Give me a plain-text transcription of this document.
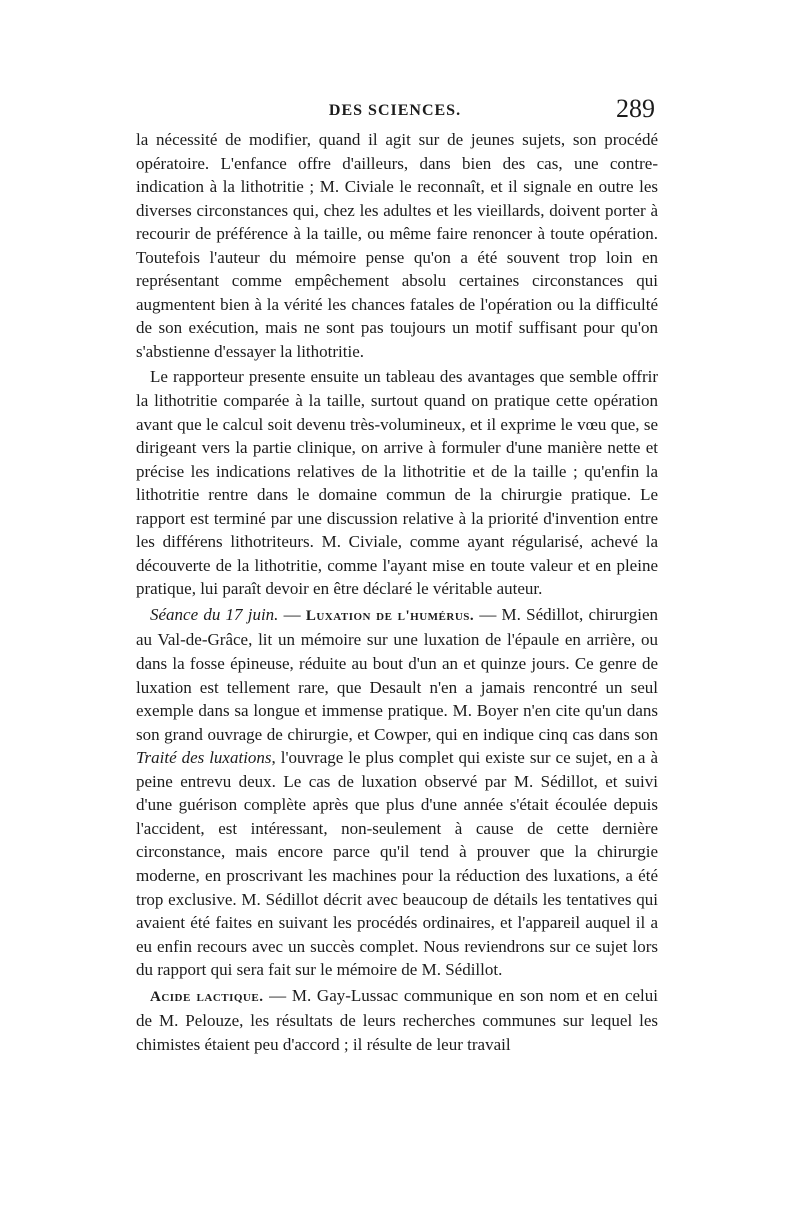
DES SCIENCES.	289

la nécessité de modifier, quand il agit sur de jeunes sujets, son procédé opératoire. L'enfance offre d'ailleurs, dans bien des cas, une contre-indication à la lithotritie ; M. Civiale le reconnaît, et il signale en outre les diverses circonstances qui, chez les adultes et les vieillards, doivent porter à recourir de préférence à la taille, ou même faire renoncer à toute opération. Toutefois l'auteur du mémoire pense qu'on a été souvent trop loin en représentant comme empêchement absolu certaines circonstances qui augmentent bien à la vérité les chances fatales de l'opération ou la difficulté de son exécution, mais ne sont pas toujours un motif suffisant pour qu'on s'abstienne d'essayer la lithotritie.

Le rapporteur presente ensuite un tableau des avantages que semble offrir la lithotritie comparée à la taille, surtout quand on pratique cette opération avant que le calcul soit devenu très-volumineux, et il exprime le vœu que, se dirigeant vers la partie clinique, on arrive à formuler d'une manière nette et précise les indications relatives de la lithotritie et de la taille ; qu'enfin la lithotritie rentre dans le domaine commun de la chirurgie pratique. Le rapport est terminé par une discussion relative à la priorité d'invention entre les différens lithotriteurs. M. Civiale, comme ayant régularisé, achevé la découverte de la lithotritie, comme l'ayant mise en toute valeur et en pleine pratique, lui paraît devoir en être déclaré le véritable auteur.

Séance du 17 juin. — Luxation de l'humérus. — M. Sédillot, chirurgien au Val-de-Grâce, lit un mémoire sur une luxation de l'épaule en arrière, ou dans la fosse épineuse, réduite au bout d'un an et quinze jours. Ce genre de luxation est tellement rare, que Desault n'en a jamais rencontré un seul exemple dans sa longue et immense pratique. M. Boyer n'en cite qu'un dans son grand ouvrage de chirurgie, et Cowper, qui en indique cinq cas dans son Traité des luxations, l'ouvrage le plus complet qui existe sur ce sujet, en a à peine entrevu deux. Le cas de luxation observé par M. Sédillot, et suivi d'une guérison complète après que plus d'une année s'était écoulée depuis l'accident, est intéressant, non-seulement à cause de cette dernière circonstance, mais encore parce qu'il tend à prouver que la chirurgie moderne, en proscrivant les machines pour la réduction des luxations, a été trop exclusive. M. Sédillot décrit avec beaucoup de détails les tentatives qui avaient été faites en suivant les procédés ordinaires, et l'appareil auquel il a eu enfin recours avec un succès complet. Nous reviendrons sur ce sujet lors du rapport qui sera fait sur le mémoire de M. Sédillot.

Acide lactique. — M. Gay-Lussac communique en son nom et en celui de M. Pelouze, les résultats de leurs recherches communes sur lequel les chimistes étaient peu d'accord ; il résulte de leur travail
